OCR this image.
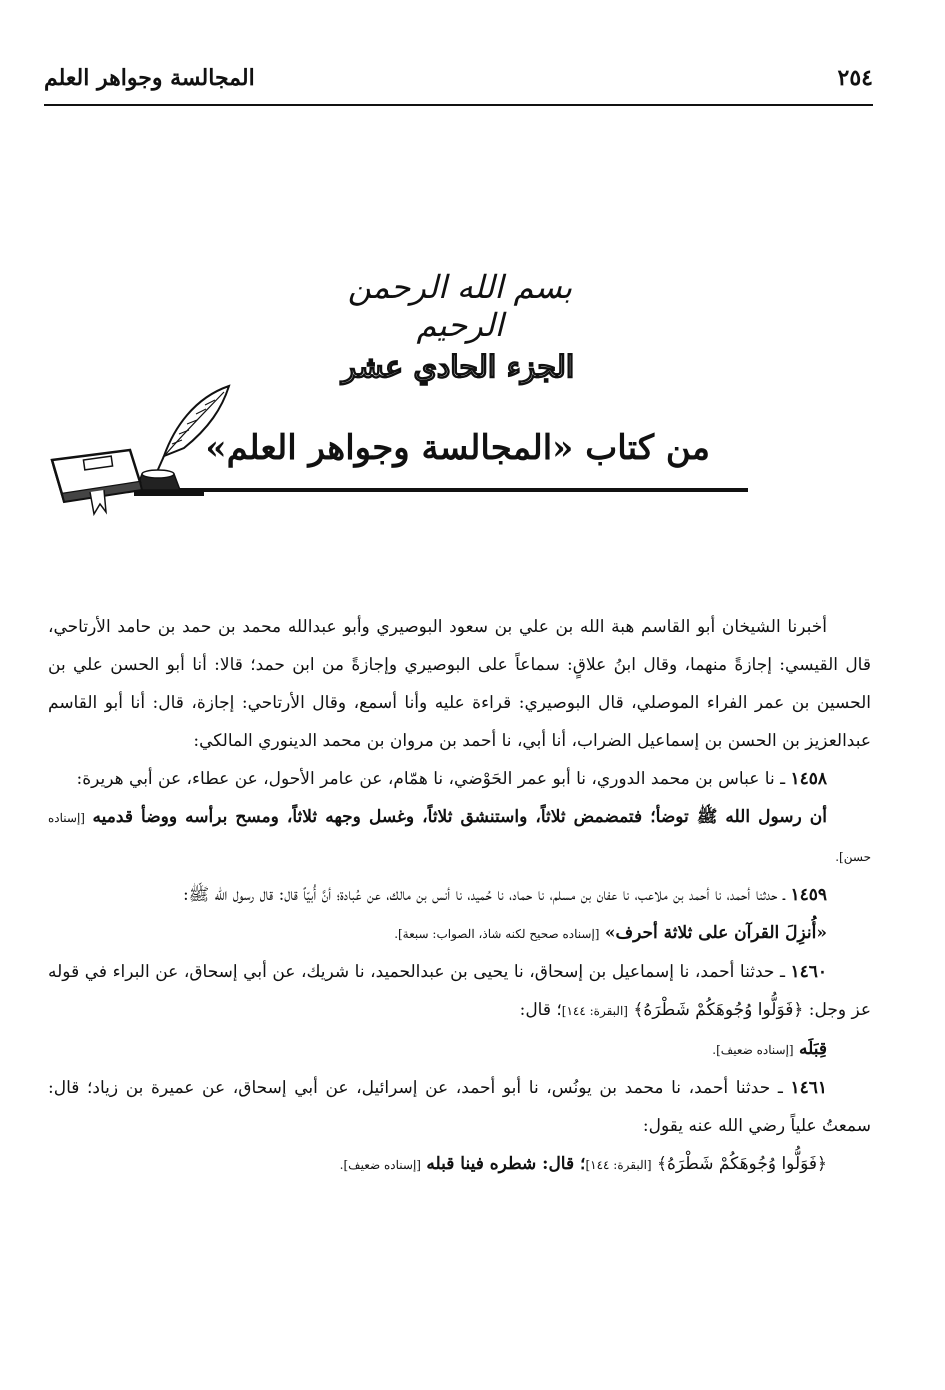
٢٥٤
المجالسة وجواهر العلم
بسم الله الرحمن الرحيم
الجزء الحادي عشر
من كتاب «المجالسة وجواهر العلم»

أخبرنا الشيخان أبو القاسم هبة الله بن علي بن سعود البوصيري وأبو عبدالله محمد بن حمد بن حامد الأرتاحي، قال القيسي: إجازةً منهما، وقال ابنُ علاقٍ: سماعاً على البوصيري وإجازةً من ابن حمد؛ قالا: أنا أبو الحسن علي بن الحسين بن عمر الفراء الموصلي، قال البوصيري: قراءة عليه وأنا أسمع، وقال الأرتاحي: إجازة، قال: أنا أبو القاسم عبدالعزيز بن الحسن بن إسماعيل الضراب، أنا أبي، نا أحمد بن مروان بن محمد الدينوري المالكي:

١٤٥٨ ـ نا عباس بن محمد الدوري، نا أبو عمر الحَوْضي، نا همّام، عن عامر الأحول، عن عطاء، عن أبي هريرة:

أن رسول الله ﷺ توضأ؛ فتمضمض ثلاثاً، واستنشق ثلاثاً، وغسل وجهه ثلاثاً، ومسح برأسه ووضأ قدميه [إسناده حسن].

١٤٥٩ ـ حدثنا أحمد، نا أحمد بن ملاعب، نا عفان بن مسلم، نا حماد، نا حُميد، نا أنس بن مالك، عن عُبادة؛ أنَّ أُبيّاً قال: قال رسول الله ﷺ:

«أُنزِلَ القرآن على ثلاثة أحرف» [إسناده صحيح لكنه شاذ، الصواب: سبعة].

١٤٦٠ ـ حدثنا أحمد، نا إسماعيل بن إسحاق، نا يحيى بن عبدالحميد، نا شريك، عن أبي إسحاق، عن البراء في قوله عز وجل: ﴿فَوَلُّوا وُجُوهَكُمْ شَطْرَهُ﴾ [البقرة: ١٤٤]؛ قال:

قِبَلَه [إسناده ضعيف].

١٤٦١ ـ حدثنا أحمد، نا محمد بن يونُس، نا أبو أحمد، عن إسرائيل، عن أبي إسحاق، عن عميرة بن زياد؛ قال: سمعتُ علياً رضي الله عنه يقول:

﴿فَوَلُّوا وُجُوهَكُمْ شَطْرَهُ﴾ [البقرة: ١٤٤]؛ قال: شطره فينا قبله [إسناده ضعيف].
